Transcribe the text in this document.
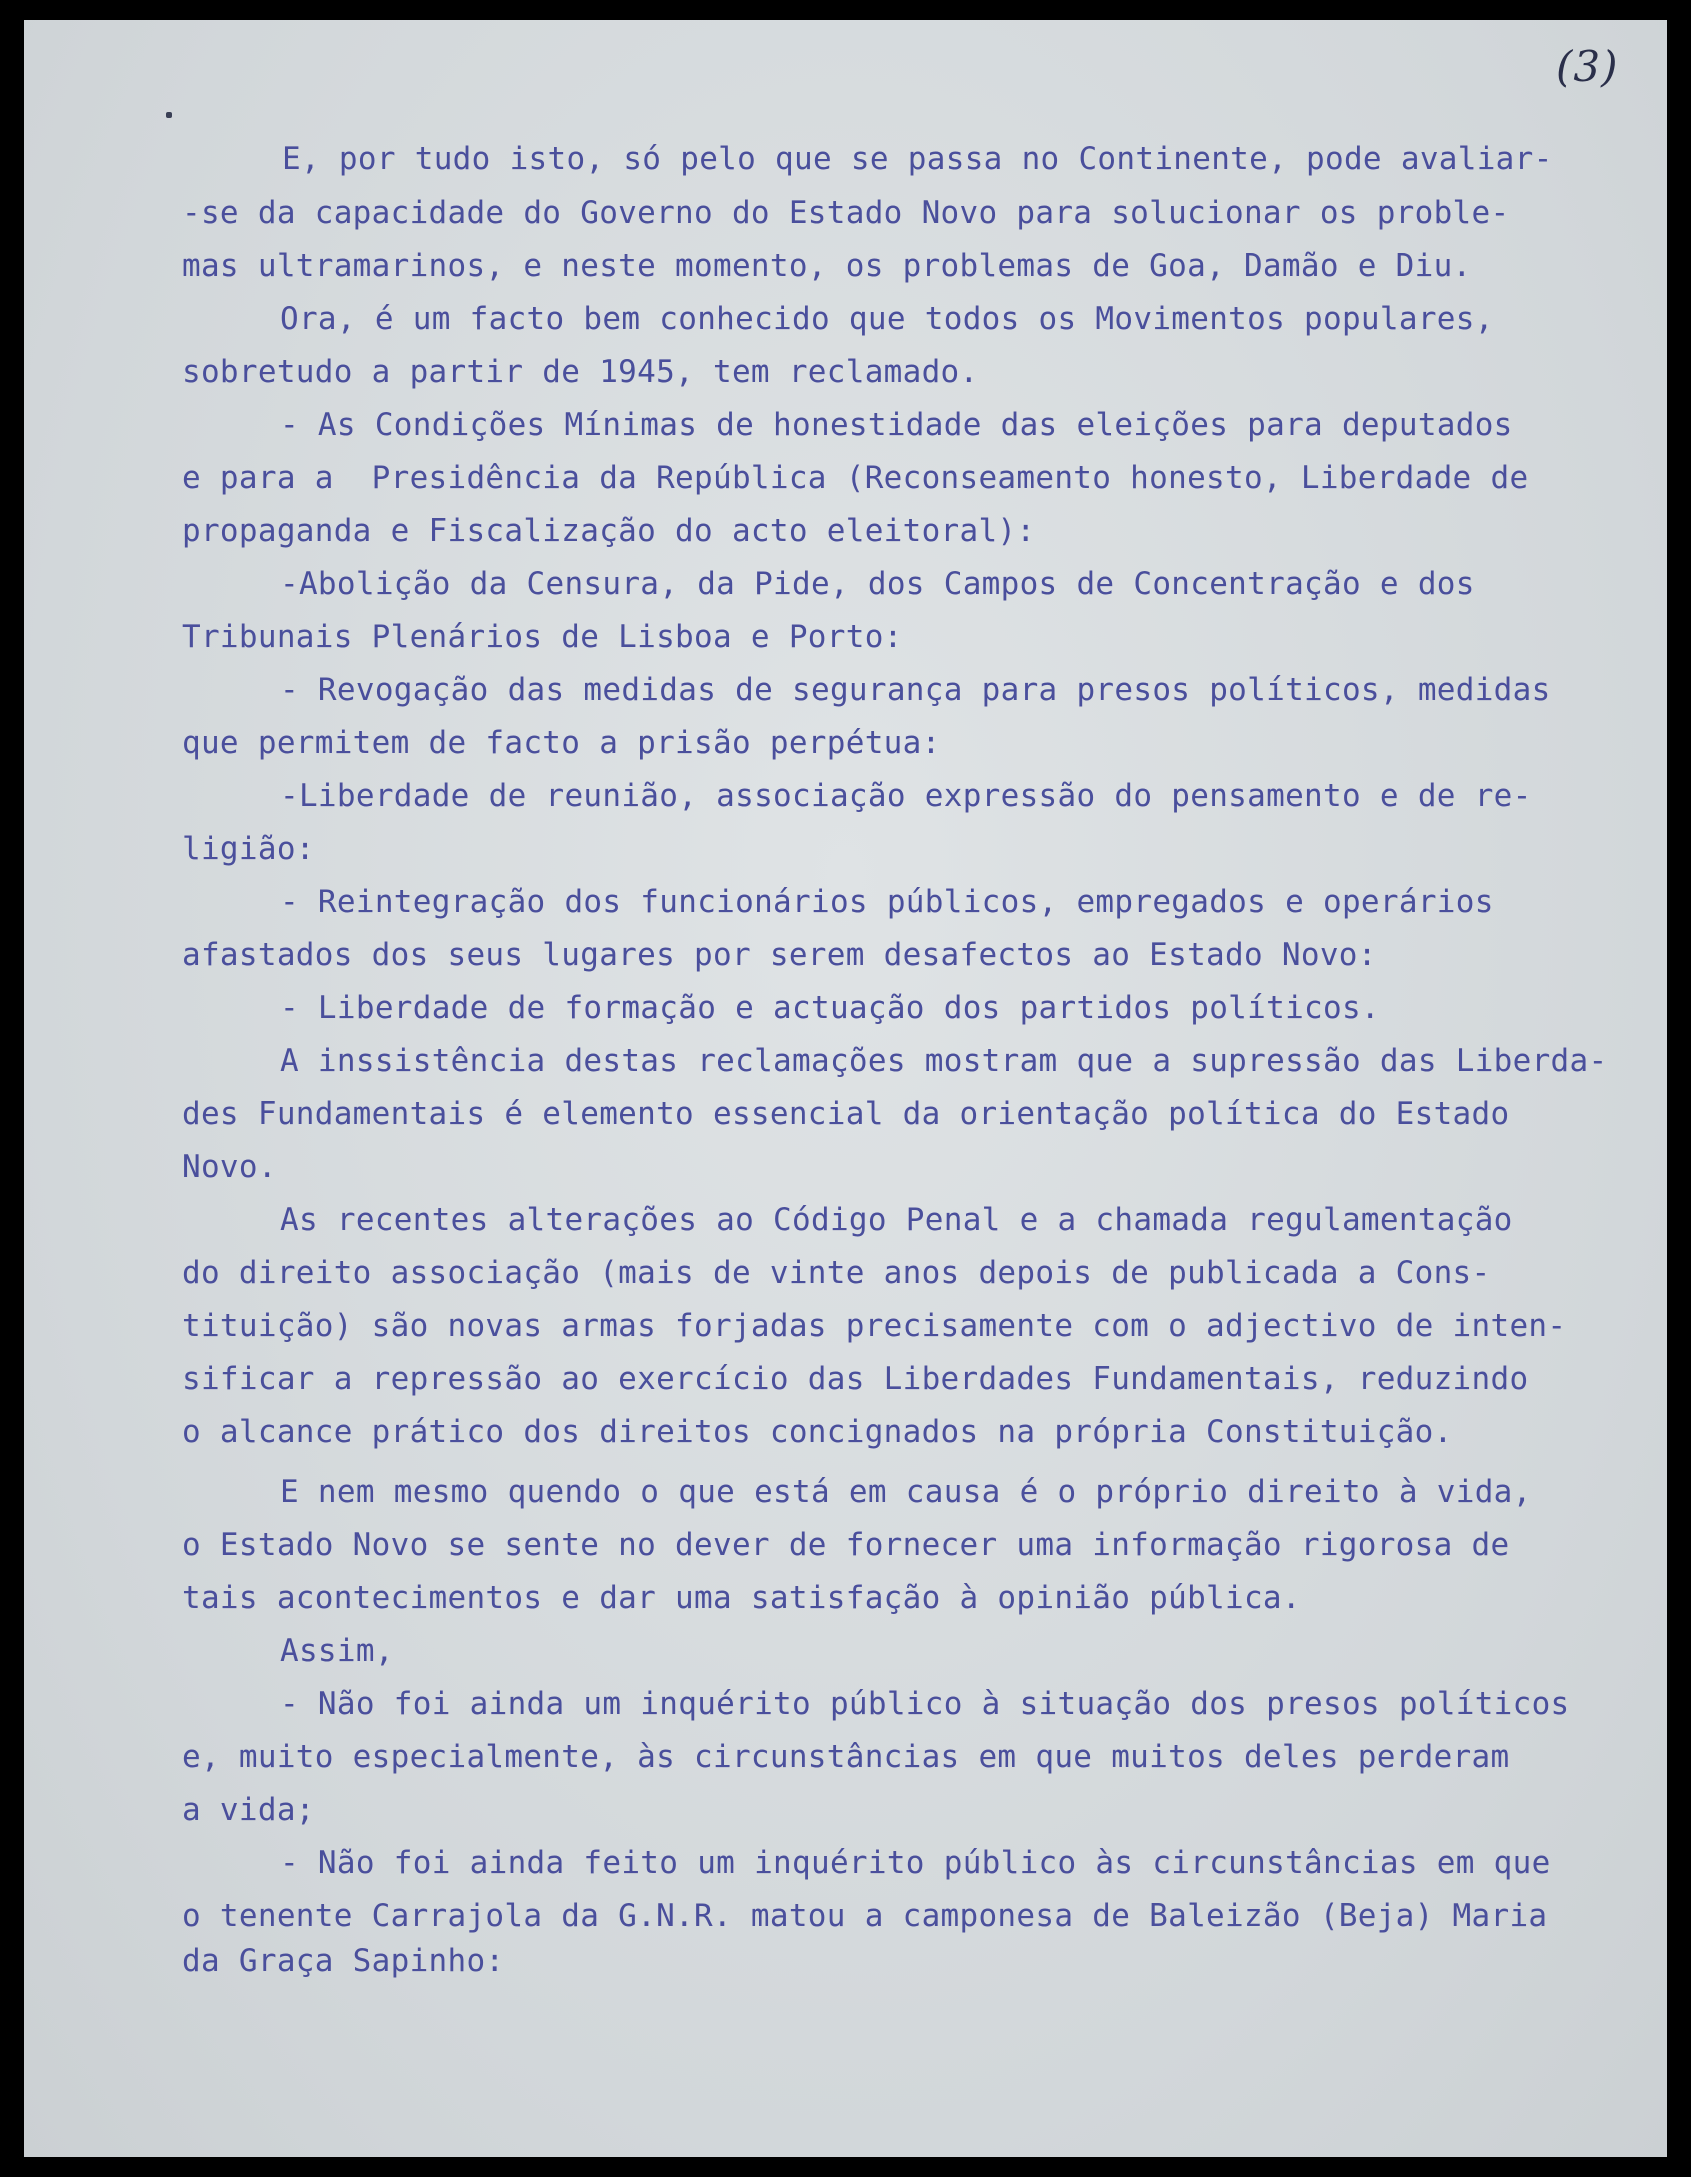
(3)
E, por tudo isto, só pelo que se passa no Continente, pode avaliar-
-se da capacidade do Governo do Estado Novo para solucionar os proble-
mas ultramarinos, e neste momento, os problemas de Goa, Damão e Diu.
Ora, é um facto bem conhecido que todos os Movimentos populares,
sobretudo a partir de 1945, tem reclamado.
- As Condições Mínimas de honestidade das eleições para deputados
e para a  Presidência da República (Reconseamento honesto, Liberdade de
propaganda e Fiscalização do acto eleitoral):
-Abolição da Censura, da Pide, dos Campos de Concentração e dos
Tribunais Plenários de Lisboa e Porto:
- Revogação das medidas de segurança para presos políticos, medidas
que permitem de facto a prisão perpétua:
-Liberdade de reunião, associação expressão do pensamento e de re-
ligião:
- Reintegração dos funcionários públicos, empregados e operários
afastados dos seus lugares por serem desafectos ao Estado Novo:
- Liberdade de formação e actuação dos partidos políticos.
A inssistência destas reclamações mostram que a supressão das Liberda-
des Fundamentais é elemento essencial da orientação política do Estado
Novo.
As recentes alterações ao Código Penal e a chamada regulamentação
do direito associação (mais de vinte anos depois de publicada a Cons-
tituição) são novas armas forjadas precisamente com o adjectivo de inten-
sificar a repressão ao exercício das Liberdades Fundamentais, reduzindo
o alcance prático dos direitos concignados na própria Constituição.
E nem mesmo quendo o que está em causa é o próprio direito à vida,
o Estado Novo se sente no dever de fornecer uma informação rigorosa de
tais acontecimentos e dar uma satisfação à opinião pública.
Assim,
- Não foi ainda um inquérito público à situação dos presos políticos
e, muito especialmente, às circunstâncias em que muitos deles perderam
a vida;
- Não foi ainda feito um inquérito público às circunstâncias em que
o tenente Carrajola da G.N.R. matou a camponesa de Baleizão (Beja) Maria
da Graça Sapinho:
